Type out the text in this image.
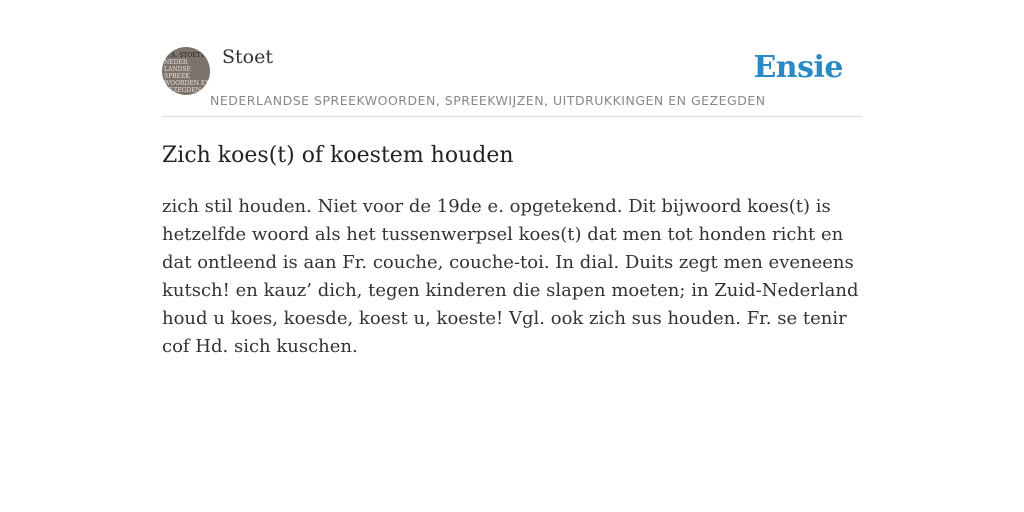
F. A. STOETT
NEDER
LANDSE
SPREEK
WOORDEN EN
GEZEGDEN
Stoet	Ensie
NEDERLANDSE SPREEKWOORDEN, SPREEKWIJZEN, UITDRUKKINGEN EN GEZEGDEN
Zich koes(t) of koestem houden

zich stil houden. Niet voor de 19de e. opgetekend. Dit bijwoord koes(t) is hetzelfde woord als het tussenwerpsel koes(t) dat men tot honden richt en dat ontleend is aan Fr. couche, couche-toi. In dial. Duits zegt men eveneens kutsch! en kauz’ dich, tegen kinderen die slapen moeten; in Zuid-Nederland houd u koes, koesde, koest u, koeste! Vgl. ook zich sus houden. Fr. se tenir cof Hd. sich kuschen.
